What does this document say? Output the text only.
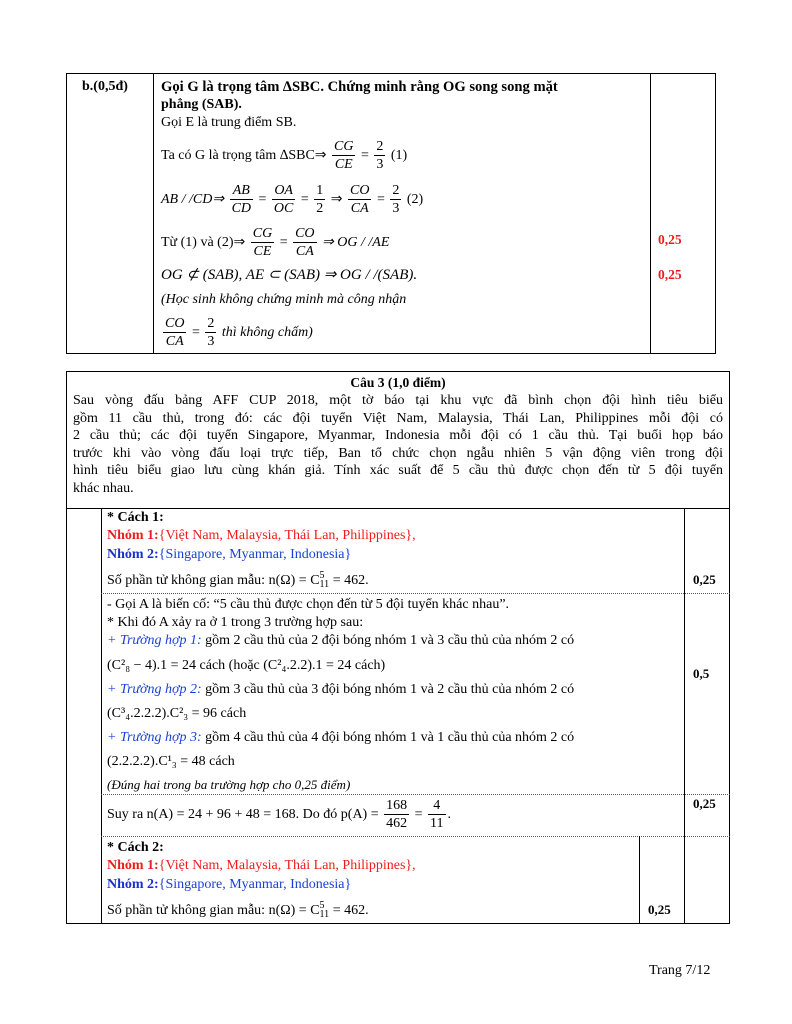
b.(0,5đ) Gọi G là trọng tâm ∆SBC. Chứng minh rằng OG song song mặt
phẳng (SAB).
Gọi E là trung điểm SB.
Ta có G là trọng tâm ∆SBC⇒ $\frac{CG}{CE} = \frac{2}{3} (1)$
AB / /CD⇒ $\frac{AB}{CD} = \frac{OA}{OC} = \frac{1}{2}$ ⇒ $\frac{CO}{CA} = \frac{2}{3} (2)$
Từ (1) và (2)⇒ $\frac{CG}{CE} = \frac{CO}{CA}$ ⇒ OG / /AE
OG ⊄ (SAB), AE ⊂ (SAB) ⇒ OG / /(SAB).
(Học sinh không chứng minh mà công nhận
$\frac{CO}{CA} = \frac{2}{3}$ thì không chấm)
0,25
0,25
Câu 3 (1,0 điểm)
Sau vòng đấu bảng AFF CUP 2018, một tờ báo tại khu vực đã bình chọn đội hình tiêu biểu
gồm 11 cầu thủ, trong đó: các đội tuyển Việt Nam, Malaysia, Thái Lan, Philippines mỗi đội có
2 cầu thủ; các đội tuyển Singapore, Myanmar, Indonesia mỗi đội có 1 cầu thủ. Tại buổi họp báo
trước khi vào vòng đấu loại trực tiếp, Ban tổ chức chọn ngẫu nhiên 5 vận động viên trong đội
hình tiêu biểu giao lưu cùng khán giả. Tính xác suất để 5 cầu thủ được chọn đến từ 5 đội tuyển
khác nhau.
* Cách 1:
Nhóm 1:{Việt Nam, Malaysia, Thái Lan, Philippines},
Nhóm 2:{Singapore, Myanmar, Indonesia}
Số phần tử không gian mẫu: n(Ω) = C 5
11 = 462.	0,25
- Gọi A là biến cố: “5 cầu thủ được chọn đến từ 5 đội tuyển khác nhau”.
* Khi đó A xảy ra ở 1 trong 3 trường hợp sau:
+ Trường hợp 1: gồm 2 cầu thủ của 2 đội bóng nhóm 1 và 3 cầu thủ của nhóm 2 có
(C²₈ − 4).1 = 24 cách (hoặc (C²₄.2.2).1 = 24 cách)
+ Trường hợp 2: gồm 3 cầu thủ của 3 đội bóng nhóm 1 và 2 cầu thủ của nhóm 2 có
(C³₄.2.2.2).C²₃ = 96 cách
+ Trường hợp 3: gồm 4 cầu thủ của 4 đội bóng nhóm 1 và 1 cầu thủ của nhóm 2 có
(2.2.2.2).C¹₃ = 48 cách
(Đúng hai trong ba trường hợp cho 0,25 điểm)
0,5
Suy ra n(A) = 24 + 96 + 48 = 168. Do đó $p(A) = \frac{168}{462} = \frac{4}{11}$ .
0,25
* Cách 2:
Nhóm 1:{Việt Nam, Malaysia, Thái Lan, Philippines},
Nhóm 2:{Singapore, Myanmar, Indonesia}
Số phần tử không gian mẫu: n(Ω) = C 5
11 = 462.	0,25
Trang 7/12
